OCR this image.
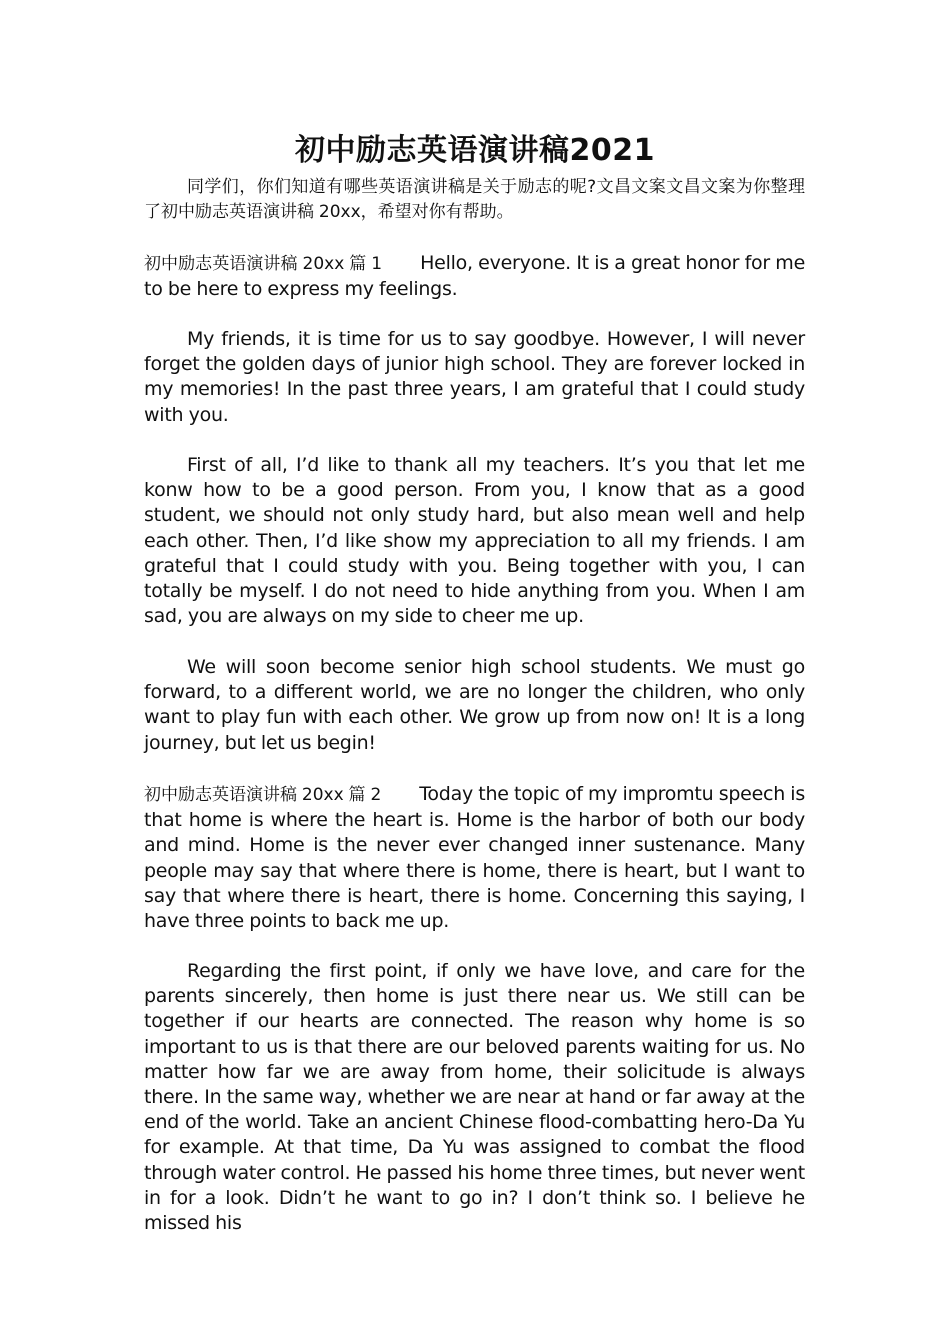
初中励志英语演讲稿2021

同学们，你们知道有哪些英语演讲稿是关于励志的呢?文昌文案文昌文案为你整理了初中励志英语演讲稿 20xx，希望对你有帮助。

初中励志英语演讲稿 20xx 篇 1 Hello, everyone. It is a great honor for me to be here to express my feelings.

My friends, it is time for us to say goodbye. However, I will never forget the golden days of junior high school. They are forever locked in my memories! In the past three years, I am grateful that I could study with you.

First of all, I’d like to thank all my teachers. It’s you that let me konw how to be a good person. From you, I know that as a good student, we should not only study hard, but also mean well and help each other. Then, I’d like show my appreciation to all my friends. I am grateful that I could study with you. Being together with you, I can totally be myself. I do not need to hide anything from you. When I am sad, you are always on my side to cheer me up.

We will soon become senior high school students. We must go forward, to a different world, we are no longer the children, who only want to play fun with each other. We grow up from now on! It is a long journey, but let us begin!

初中励志英语演讲稿 20xx 篇 2 Today the topic of my impromtu speech is that home is where the heart is. Home is the harbor of both our body and mind. Home is the never ever changed inner sustenance. Many people may say that where there is home, there is heart, but I want to say that where there is heart, there is home. Concerning this saying, I have three points to back me up.

Regarding the first point, if only we have love, and care for the parents sincerely, then home is just there near us. We still can be together if our hearts are connected. The reason why home is so important to us is that there are our beloved parents waiting for us. No matter how far we are away from home, their solicitude is always there. In the same way, whether we are near at hand or far away at the end of the world. Take an ancient Chinese flood-combatting hero-Da Yu for example. At that time, Da Yu was assigned to combat the flood through water control. He passed his home three times, but never went in for a look. Didn’t he want to go in? I don’t think so. I believe he missed his
